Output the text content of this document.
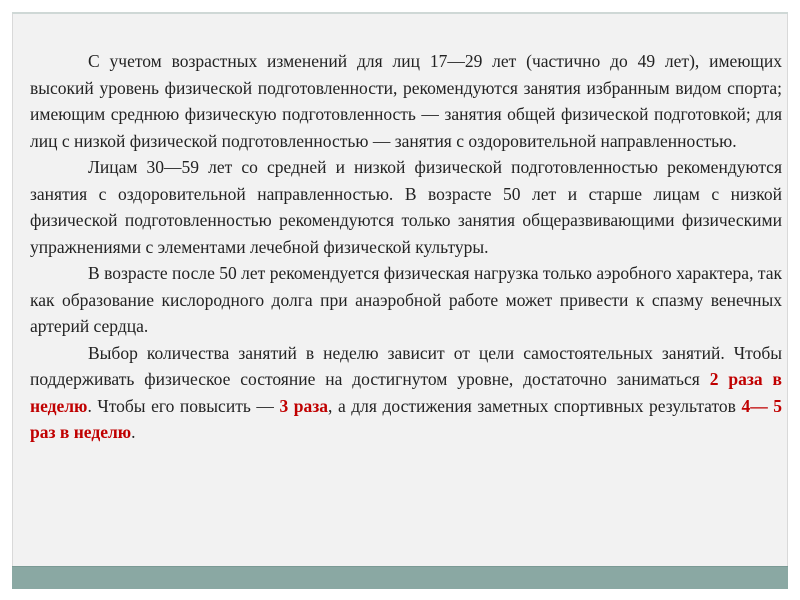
С учетом возрастных изменений для лиц 17—29 лет (частично до 49 лет), имеющих высокий уровень физической подготовленности, рекомендуются занятия избранным видом спорта; имеющим среднюю физическую подготовленность — занятия общей физической подготовкой; для лиц с низкой физической подготовленностью — занятия с оздоровительной направленностью.

Лицам 30—59 лет со средней и низкой физической подготовленностью рекомендуются занятия с оздоровительной направленностью. В возрасте 50 лет и старше лицам с низкой физической подготовленностью рекомендуются только занятия общеразвивающими физическими упражнениями с элементами лечебной физической культуры.

В возрасте после 50 лет рекомендуется физическая нагрузка только аэробного характера, так как образование кислородного долга при анаэробной работе может привести к спазму венечных артерий сердца.

Выбор количества занятий в неделю зависит от цели самостоятельных занятий. Чтобы поддерживать физическое состояние на достигнутом уровне, достаточно заниматься 2 раза в неделю. Чтобы его повысить — 3 раза, а для достижения заметных спортивных результатов 4— 5 раз в неделю.
